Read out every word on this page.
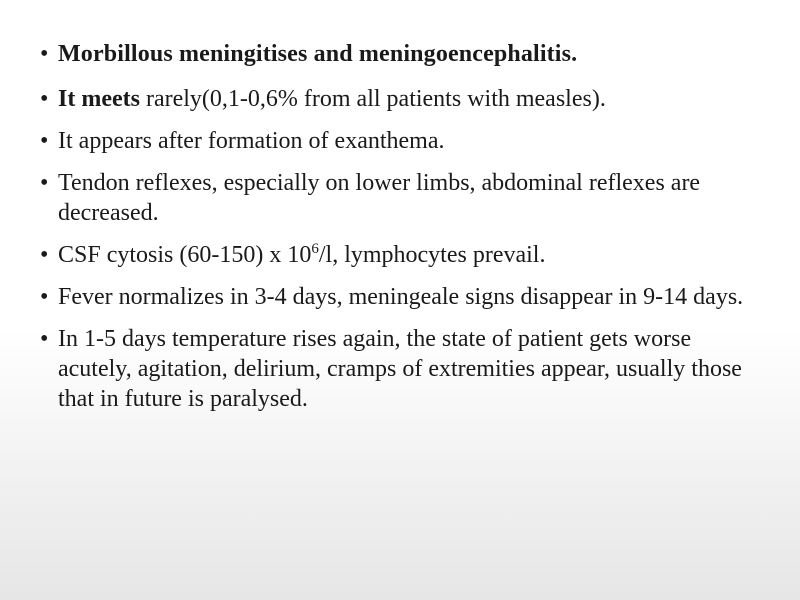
• Morbillous meningitises and meningoencephalitis.
• It meets rarely(0,1-0,6% from all patients with measles).
• It appears after formation of exanthema.
• Tendon reflexes, especially on lower limbs, abdominal reflexes are decreased.
• CSF cytosis (60-150) x $10^6/l$, lymphocytes prevail.
• Fever normalizes in 3-4 days, meningeale signs disappear in 9-14 days.
• In 1-5 days temperature rises again, the state of patient gets worse acutely, agitation, delirium, cramps of extremities appear, usually those that in future is paralysed.
